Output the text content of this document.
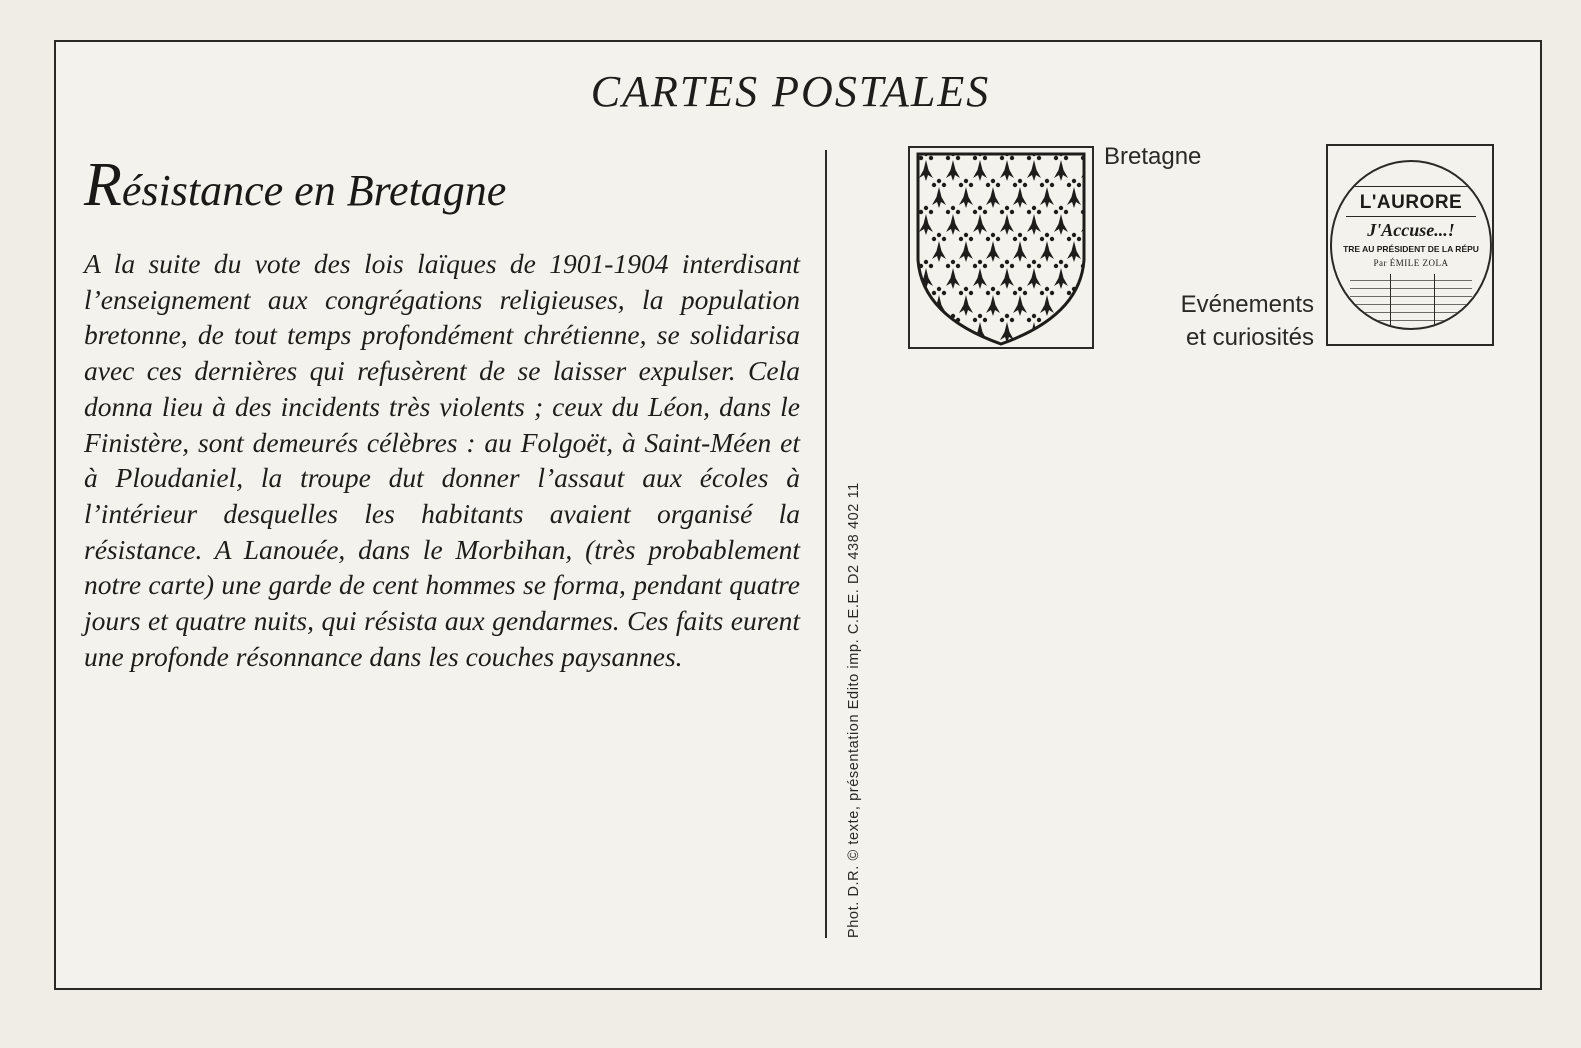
CARTES POSTALES
Résistance en Bretagne

A la suite du vote des lois laïques de 1901-1904 interdisant l’enseignement aux congrégations religieuses, la population bretonne, de tout temps profondément chrétienne, se solidarisa avec ces dernières qui refusèrent de se laisser expulser. Cela donna lieu à des incidents très violents ; ceux du Léon, dans le Finistère, sont demeurés célèbres : au Folgoët, à Saint-Méen et à Ploudaniel, la troupe dut donner l’assaut aux écoles à l’intérieur desquelles les habitants avaient organisé la résistance. A Lanouée, dans le Morbihan, (très probablement notre carte) une garde de cent hommes se forma, pendant quatre jours et quatre nuits, qui résista aux gendarmes. Ces faits eurent une profonde résonnance dans les couches paysannes.	Phot. D.R. © texte, présentation Edito imp. C.E.E. D2 438 402 11
Bretagne
Evénements
et curiosités
L'AURORE
J'Accuse...!
TRE AU PRÉSIDENT DE LA RÉPU
Par ÉMILE ZOLA
